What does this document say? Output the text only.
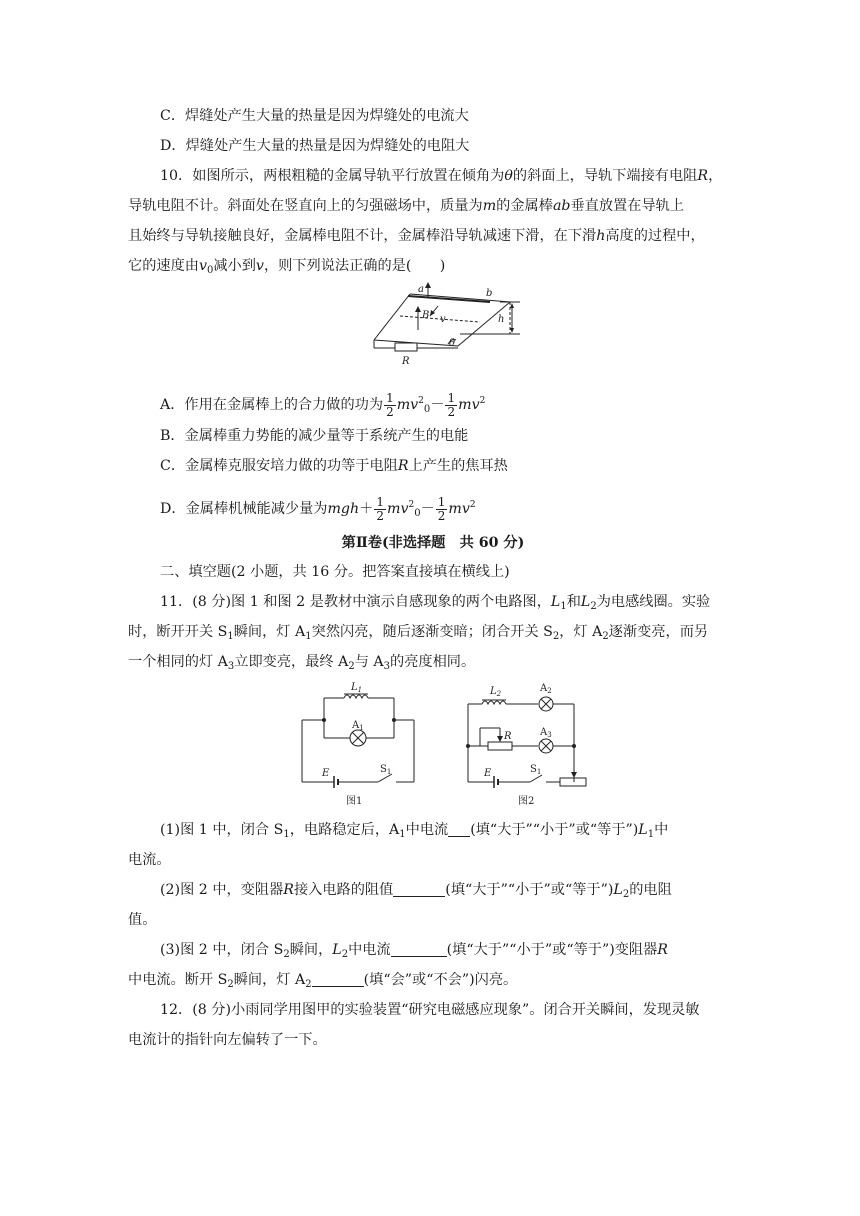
C．焊缝处产生大量的热量是因为焊缝处的电流大
D．焊缝处产生大量的热量是因为焊缝处的电阻大
10．如图所示，两根粗糙的金属导轨平行放置在倾角为θ的斜面上，导轨下端接有电阻R，
导轨电阻不计。斜面处在竖直向上的匀强磁场中，质量为m的金属棒ab垂直放置在导轨上
且始终与导轨接触良好，金属棒电阻不计，金属棒沿导轨减速下滑，在下滑h高度的过程中，
它的速度由$v_0$减小到v，则下列说法正确的是(　　)
a	b
B v	h
θ
R
A．作用在金属棒上的合力做的功为 $\frac{1}{2} mv^2_0- \frac{1}{2} mv^2$
B．金属棒重力势能的减少量等于系统产生的电能
C．金属棒克服安培力做的功等于电阻R上产生的焦耳热
D．金属棒机械能减少量为$mgh+ \frac{1}{2} mv^2_0- \frac{1}{2} mv^2$
第Ⅱ卷(非选择题　共 60 分)
二、填空题(2 小题，共 16 分。把答案直接填在横线上)
11．(8 分)图 1 和图 2 是教材中演示自感现象的两个电路图，$L_1$和$L_2$为电感线圈。实验
时，断开开关 $S_1$瞬间，灯 $A_1$突然闪亮，随后逐渐变暗；闭合开关 $S_2$，灯 $A_2$逐渐变亮，而另
一个相同的灯 $A_3$立即变亮，最终 $A_2$与 $A_3$的亮度相同。
$L_1$
$A_1$
E	$S_1$
图1
$L_2$	$A_2$
$A_3$
R
E	$S_1$
图2
(1)图 1 中，闭合 $S_1$，电路稳定后，$A_1$中电流 (填“大于”“小于”或“等于$”)L_1$中
电流。
(2)图 2 中，变阻器R接入电路的阻值	(填“大于”“小于”或“等于$”)L_2$的电阻
值。
(3)图 2 中，闭合 $S_2$瞬间，$L_2$中电流	(填“大于”“小于”或“等于”)变阻器R
中电流。断开 $S_2$瞬间，灯 $A_2$	(填“会”或“不会”)闪亮。
12．(8 分)小雨同学用图甲的实验装置“研究电磁感应现象”。闭合开关瞬间，发现灵敏
电流计的指针向左偏转了一下。
